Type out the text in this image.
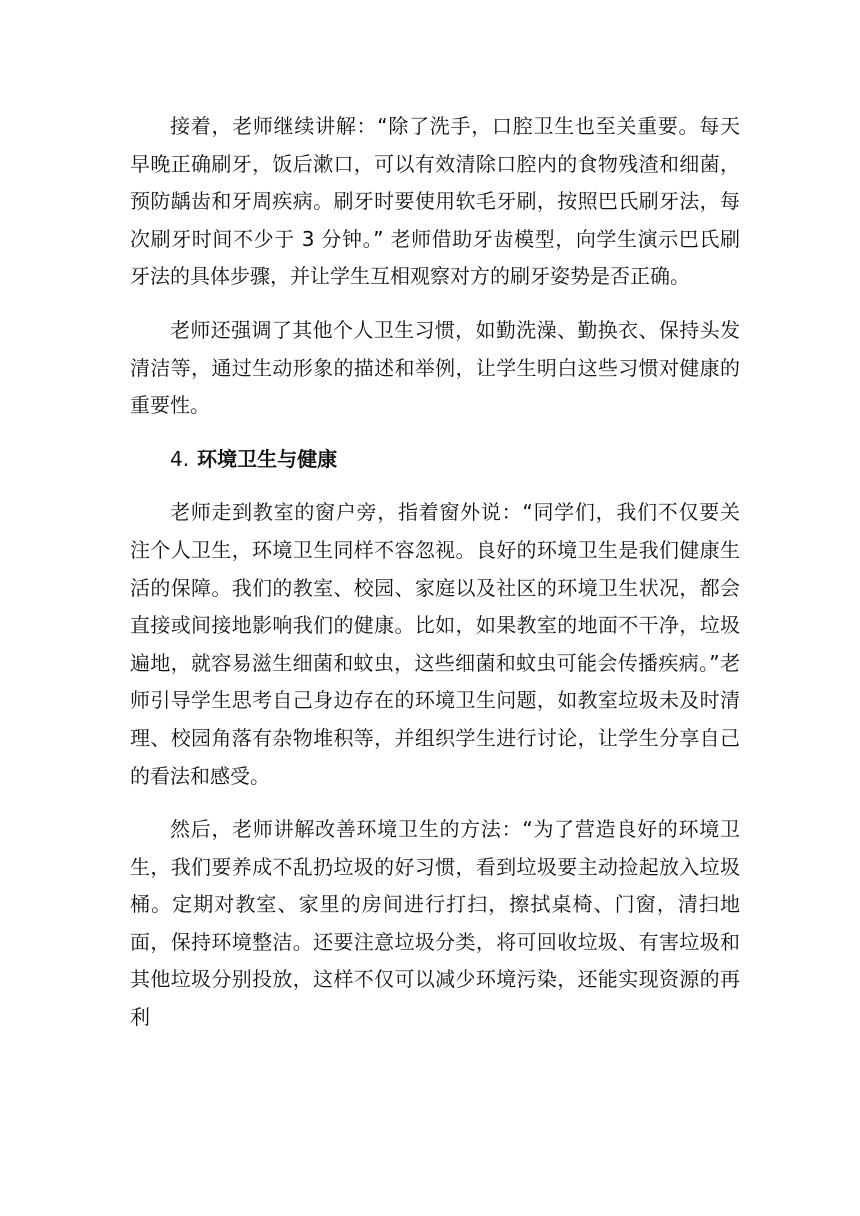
接着，老师继续讲解：“除了洗手，口腔卫生也至关重要。每天早晚正确刷牙，饭后漱口，可以有效清除口腔内的食物残渣和细菌，预防龋齿和牙周疾病。刷牙时要使用软毛牙刷，按照巴氏刷牙法，每次刷牙时间不少于 3 分钟。” 老师借助牙齿模型，向学生演示巴氏刷牙法的具体步骤，并让学生互相观察对方的刷牙姿势是否正确。

老师还强调了其他个人卫生习惯，如勤洗澡、勤换衣、保持头发清洁等，通过生动形象的描述和举例，让学生明白这些习惯对健康的重要性。

4. 环境卫生与健康

老师走到教室的窗户旁，指着窗外说：“同学们，我们不仅要关注个人卫生，环境卫生同样不容忽视。良好的环境卫生是我们健康生活的保障。我们的教室、校园、家庭以及社区的环境卫生状况，都会直接或间接地影响我们的健康。比如，如果教室的地面不干净，垃圾遍地，就容易滋生细菌和蚊虫，这些细菌和蚊虫可能会传播疾病。”老师引导学生思考自己身边存在的环境卫生问题，如教室垃圾未及时清理、校园角落有杂物堆积等，并组织学生进行讨论，让学生分享自己的看法和感受。

然后，老师讲解改善环境卫生的方法：“为了营造良好的环境卫生，我们要养成不乱扔垃圾的好习惯，看到垃圾要主动捡起放入垃圾桶。定期对教室、家里的房间进行打扫，擦拭桌椅、门窗，清扫地面，保持环境整洁。还要注意垃圾分类，将可回收垃圾、有害垃圾和其他垃圾分别投放，这样不仅可以减少环境污染，还能实现资源的再利
